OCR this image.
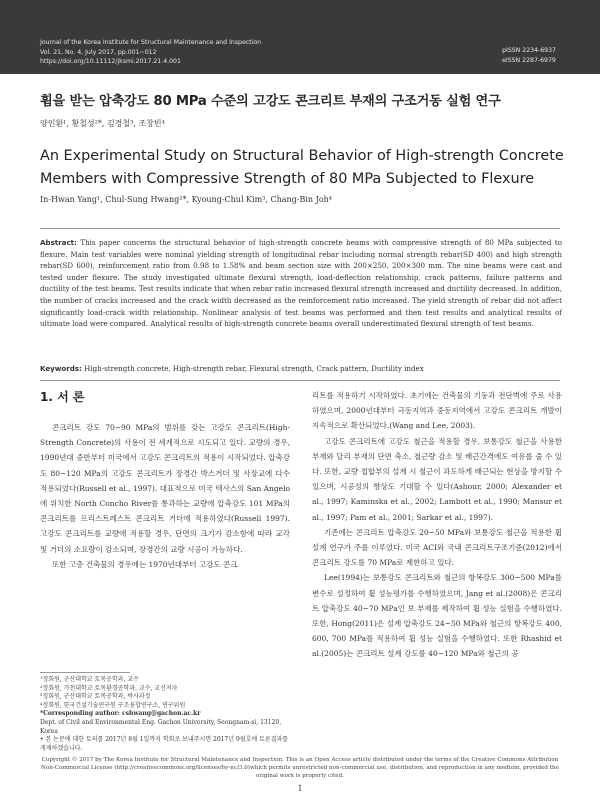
Journal of the Korea Institute for Structural Maintenance and Inspection
Vol. 21, No. 4, July 2017, pp.001~012
https://doi.org/10.11112/jksmi.2017.21.4.001
pISSN 2234-6937
eISSN 2287-6979
휨을 받는 압축강도 80 MPa 수준의 고강도 콘크리트 부재의 구조거동 실험 연구
양인환¹, 황철성²*, 김경철³, 조창빈⁴
An Experimental Study on Structural Behavior of High-strength Concrete Members with Compressive Strength of 80 MPa Subjected to Flexure
In-Hwan Yang¹, Chul-Sung Hwang²*, Kyoung-Chul Kim³, Chang-Bin Joh⁴
Abstract: This paper concerns the structural behavior of high-strength concrete beams with compressive strength of 80 MPa subjected to flexure. Main test variables were nominal yielding strength of longitudinal rebar including normal strength rebar(SD 400) and high strength rebar(SD 600), reinforcement ratio from 0.98 to 1.58% and beam section size with 200×250, 200×300 mm. The nine beams were cast and tested under flexure. The study investigated ultimate flexural strength, load-deflection relationship, crack patterns, failure patterns and ductility of the test beams. Test results indicate that when rebar ratio increased flexural strength increased and ductility decreased. In addition, the number of cracks increased and the crack width decreased as the reinforcement ratio increased. The yield strength of rebar did not affect significantly load-crack width relationship. Nonlinear analysis of test beams was performed and then test results and analytical results of ultimate load were compared. Analytical results of high-strength concrete beams overall underestimated flexural strength of test beams.
Keywords: High-strength concrete, High-strength rebar, Flexural strength, Crack pattern, Ductility index
1. 서 론

콘크리트 강도 70~90 MPa의 범위를 갖는 고강도 콘크리트(High-Strength Concrete)의 사용이 전 세계적으로 시도되고 있다. 교량의 경우, 1990년대 중반부터 미국에서 고강도 콘크리트의 적용이 시작되었다. 압축강도 80~120 MPa의 고강도 콘크리트가 장경간 박스거더 및 사장교에 다수 적용되었다(Russell et al., 1997). 대표적으로 미국 텍사스의 San Angelo에 위치한 North Concho River를 통과하는 교량에 압축강도 101 MPa의 콘크리트를 프리스트레스트 콘크리트 거더에 적용하였다(Russell 1997). 고강도 콘크리트를 교량에 적용할 경우, 단면의 크기가 감소함에 따라 교각 및 거더의 소요량이 감소되며, 장경간의 교량 시공이 가능하다.

또한 고층 건축물의 경우에는 1970년대부터 고강도 콘크

리트를 적용하기 시작하였다. 초기에는 건축물의 기둥과 전단벽에 주로 사용하였으며, 2000년대부터 극동지역과 중동지역에서 고강도 콘크리트 개발이 지속적으로 확산되었다.(Wang and Lee, 2003).

고강도 콘크리트에 고강도 철근을 적용할 경우, 보통강도 철근을 사용한 부재와 달리 부재의 단면 축소, 철근량 감소 및 배근간격에도 여유를 줄 수 있다. 또한, 교량 접합부의 설계 시 철근이 과도하게 배근되는 현상을 방지할 수 있으며, 시공성의 향상도 기대할 수 있다(Ashour, 2000; Alexander et al., 1997; Kaminska et al., 2002; Lambott et al., 1990; Mansur et al., 1997; Pam et al., 2001; Sarkar et al., 1997).

기존에는 콘크리트 압축강도 20~50 MPa와 보통강도 철근을 적용한 휨 설계 연구가 주를 이루었다. 미국 ACI와 국내 콘크리트구조기준(2012)에서 콘크리트 강도를 70 MPa로 제한하고 있다.

Lee(1994)는 보통강도 콘크리트와 철근의 항복강도 300~500 MPa를 변수로 설정하여 휨 성능평가를 수행하였으며, Jang et al.(2008)은 콘크리트 압축강도 40~70 MPa인 보 부재를 제작하여 휨 성능 실험을 수행하였다. 또한, Hong(2011)은 설계 압축강도 24~50 MPa와 철근의 항복강도 400, 600, 700 MPa를 적용하여 휨 성능 실험을 수행하였다. 또한 Rhashid et al.(2005)는 콘크리트 설계 강도를 40~120 MPa와 철근의 공

¹정회원, 군산대학교 토목공학과, 교수
²정회원, 가천대학교 토목환경공학과, 교수, 교신저자
³정회원, 군산대학교 토목공학과, 박사과정
⁴정회원, 한국건설기술연구원 구조융합연구소, 연구위원
*Corresponding author: cshwang@gachon.ac.kr
Dept. of Civil and Environmental Eng. Gachon University, Seongnam-si, 13120, Korea
• 본 논문에 대한 토의를 2017년 8월 1일까지 학회로 보내주시면 2017년 9월호에 토론결과를 게재하겠습니다.
Copyright © 2017 by The Korea Institute for Structural Maintenance and Inspection. This is an Open Access article distributed under the terms of the Creative Commons Attribution Non-Commercial License (http://creativecommons.org/licenses/by-nc/3.0)which permits unrestricted non-commercial use, distribution, and reproduction in any medium, provided the original work is properly cited.
1
